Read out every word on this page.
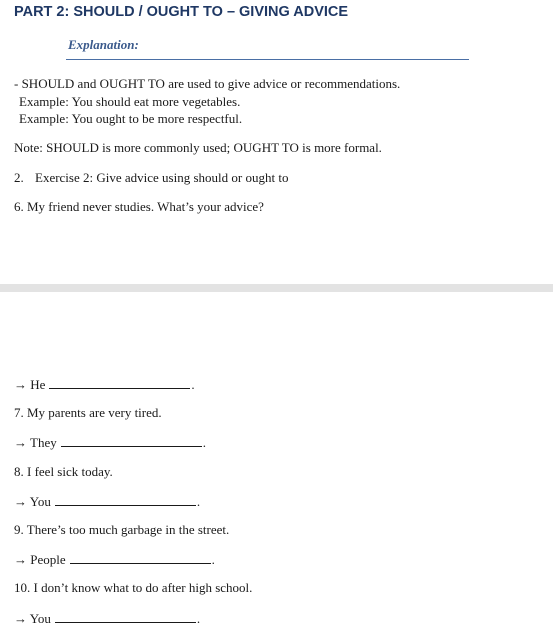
PART 2: SHOULD / OUGHT TO – GIVING ADVICE
Explanation:
- SHOULD and OUGHT TO are used to give advice or recommendations.
Example: You should eat more vegetables.
Example: You ought to be more respectful.
Note: SHOULD is more commonly used; OUGHT TO is more formal.
2. Exercise 2: Give advice using should or ought to
6. My friend never studies. What’s your advice?
→ He	.
7. My parents are very tired.
→ They	.
8. I feel sick today.
→ You	.
9. There’s too much garbage in the street.
→ People	.
10. I don’t know what to do after high school.
→ You	.
